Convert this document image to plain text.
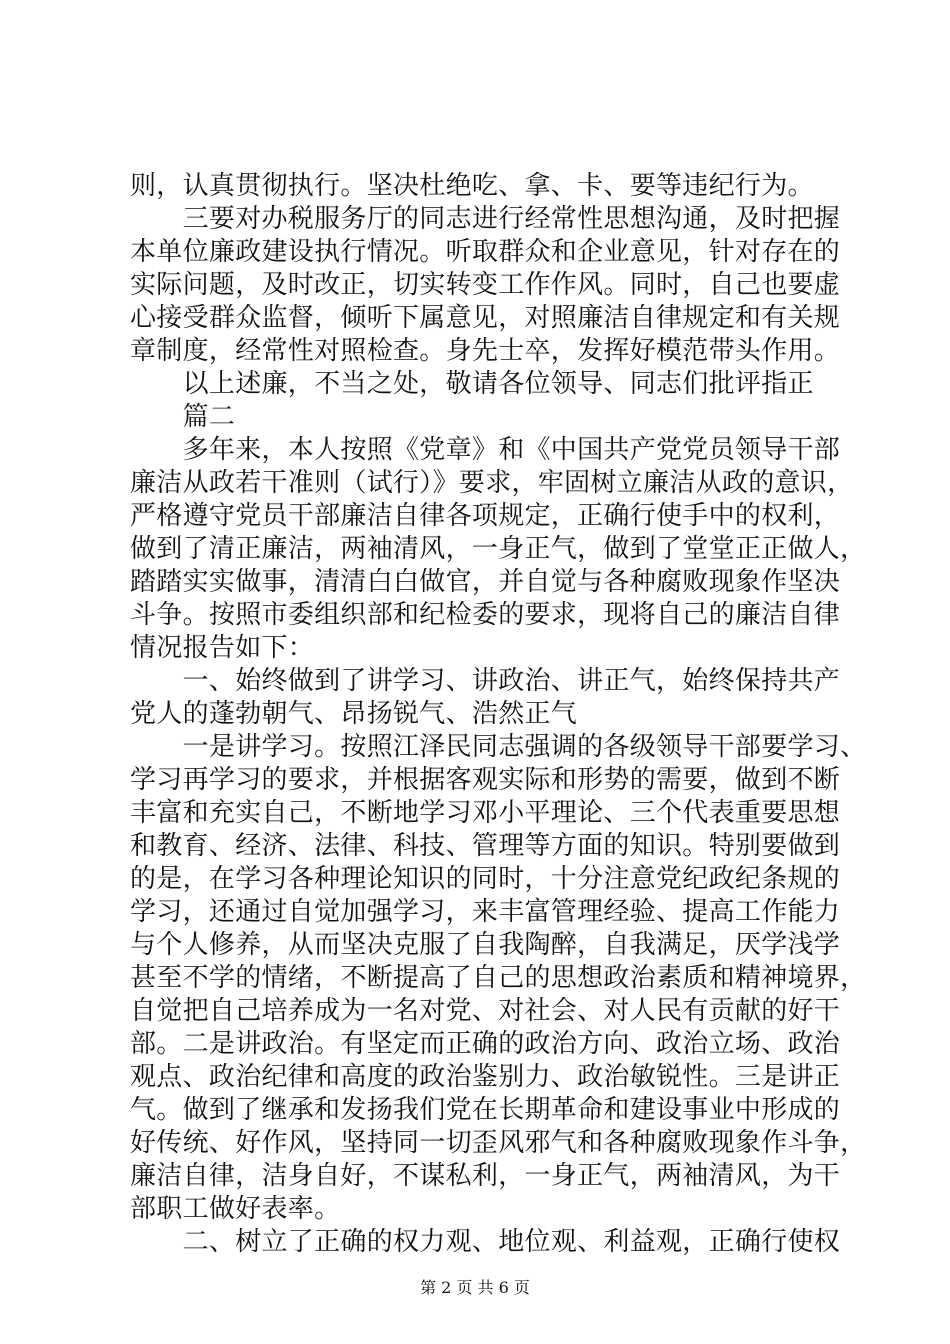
则，认真贯彻执行。坚决杜绝吃、拿、卡、要等违纪行为。
　　三要对办税服务厅的同志进行经常性思想沟通，及时把握
本单位廉政建设执行情况。听取群众和企业意见，针对存在的
实际问题，及时改正，切实转变工作作风。同时，自己也要虚
心接受群众监督，倾听下属意见，对照廉洁自律规定和有关规
章制度，经常性对照检查。身先士卒，发挥好模范带头作用。
　　以上述廉，不当之处，敬请各位领导、同志们批评指正
　　篇二
　　多年来，本人按照《党章》和《中国共产党党员领导干部
廉洁从政若干准则（试行）》要求，牢固树立廉洁从政的意识，
严格遵守党员干部廉洁自律各项规定，正确行使手中的权利，
做到了清正廉洁，两袖清风，一身正气，做到了堂堂正正做人，
踏踏实实做事，清清白白做官，并自觉与各种腐败现象作坚决
斗争。按照市委组织部和纪检委的要求，现将自己的廉洁自律
情况报告如下：
　　一、始终做到了讲学习、讲政治、讲正气，始终保持共产
党人的蓬勃朝气、昂扬锐气、浩然正气
　　一是讲学习。按照江泽民同志强调的各级领导干部要学习、
学习再学习的要求，并根据客观实际和形势的需要，做到不断
丰富和充实自己，不断地学习邓小平理论、三个代表重要思想
和教育、经济、法律、科技、管理等方面的知识。特别要做到
的是，在学习各种理论知识的同时，十分注意党纪政纪条规的
学习，还通过自觉加强学习，来丰富管理经验、提高工作能力
与个人修养，从而坚决克服了自我陶醉，自我满足，厌学浅学
甚至不学的情绪，不断提高了自己的思想政治素质和精神境界，
自觉把自己培养成为一名对党、对社会、对人民有贡献的好干
部。二是讲政治。有坚定而正确的政治方向、政治立场、政治
观点、政治纪律和高度的政治鉴别力、政治敏锐性。三是讲正
气。做到了继承和发扬我们党在长期革命和建设事业中形成的
好传统、好作风，坚持同一切歪风邪气和各种腐败现象作斗争，
廉洁自律，洁身自好，不谋私利，一身正气，两袖清风，为干
部职工做好表率。
　　二、树立了正确的权力观、地位观、利益观，正确行使权
第 2 页 共 6 页
